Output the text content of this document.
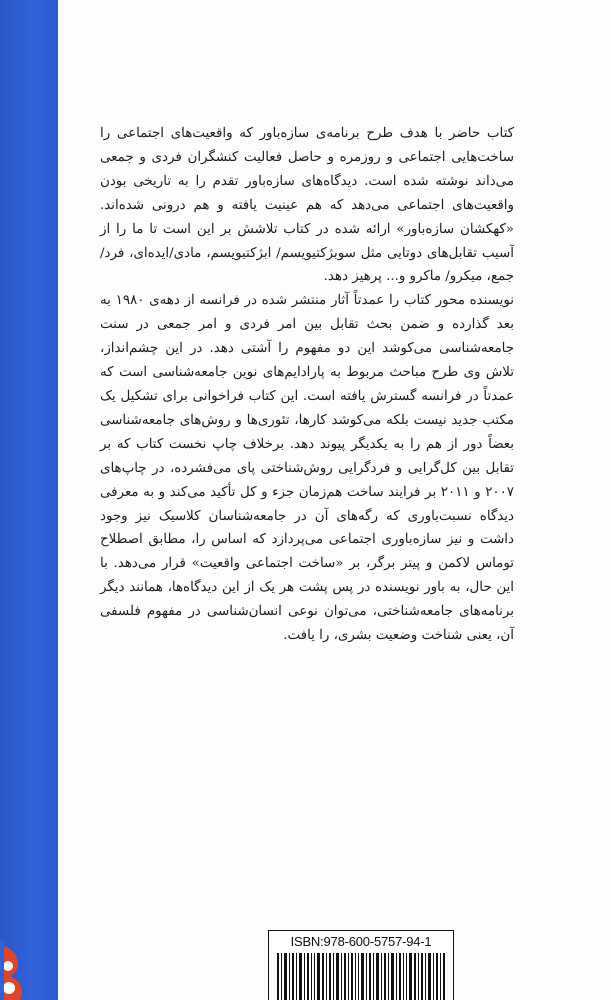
کتاب حاضر با هدف طرح برنامه‌ی سازه‌باور که واقعیت‌های اجتماعی را ساخت‌هایی اجتماعی و روزمره و حاصل فعالیت کنشگران فردی و جمعی می‌داند نوشته شده است. دیدگاه‌های سازه‌باور تقدم را به تاریخی بودن واقعیت‌های اجتماعی می‌دهد که هم عینیت یافته و هم درونی شده‌اند. «کهکشان سازه‌باور» ارائه شده در کتاب تلاشش بر این است تا ما را از آسیب تقابل‌های دوتایی مثل سوبژکتیویسم/ ابژکتیویسم، مادی/ایده‌ای، فرد/ جمع، میکرو/ ماکرو و... پرهیز دهد.

نویسنده محور کتاب را عمدتاً آثار منتشر شده در فرانسه از دهه‌ی ۱۹۸۰ به بعد گذارده و ضمن بحث تقابل بین امر فردی و امر جمعی در سنت جامعه‌شناسی می‌کوشد این دو مفهوم را آشتی دهد. در این چشم‌انداز، تلاش وی طرح مباحث مربوط به پارادایم‌های نوین جامعه‌شناسی است که عمدتاً در فرانسه گسترش یافته است. این کتاب فراخوانی برای تشکیل یک مکتب جدید نیست بلکه می‌کوشد کارها، تئوری‌ها و روش‌های جامعه‌شناسی بعضاً دور از هم را به یکدیگر پیوند دهد. برخلاف چاپ نخست کتاب که بر تقابل بین کل‌گرایی و فردگرایی روش‌شناختی پای می‌فشرده، در چاپ‌های ۲۰۰۷ و ۲۰۱۱ بر فرایند ساخت هم‌زمان جزء و کل تأکید می‌کند و به معرفی دیدگاه نسبت‌باوری که رگه‌های آن در جامعه‌شناسان کلاسیک نیز وجود داشت و نیز سازه‌باوری اجتماعی می‌پردازد که اساس را، مطابق اصطلاح توماس لاکمن و پیتر برگر، بر «ساخت اجتماعی واقعیت» قرار می‌دهد. با این حال، به باور نویسنده در پس پشت هر یک از این دیدگاه‌ها، همانند دیگر برنامه‌های جامعه‌شناختی، می‌توان نوعی انسان‌شناسی در مفهوم فلسفی آن، یعنی شناخت وضعیت بشری، را یافت.

ISBN:978-600-5757-94-1
